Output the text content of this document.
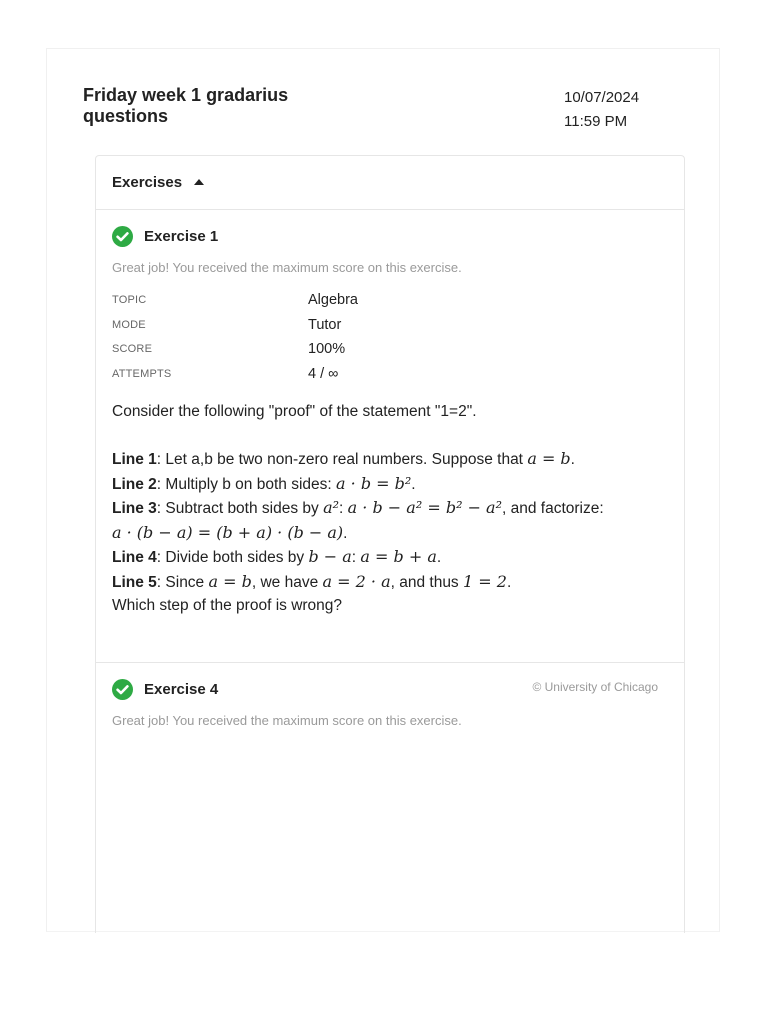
Friday week 1 gradarius questions
10/07/2024
11:59 PM
Exercises
Exercise 1
Great job! You received the maximum score on this exercise.
TOPIC	Algebra
MODE	Tutor
SCORE	100%
ATTEMPTS	4 / ∞

Consider the following "proof" of the statement "1=2".

Line 1: Let a,b be two non-zero real numbers. Suppose that a = b.

Line 2: Multiply b on both sides: a · b = b².

Line 3: Subtract both sides by a²: a · b − a² = b² − a², and factorize:
a · (b − a) = (b + a) · (b − a).

Line 4: Divide both sides by b − a: a = b + a.

Line 5: Since a = b, we have a = 2 · a, and thus 1 = 2.

Which step of the proof is wrong?

© University of Chicago
Exercise 4
Great job! You received the maximum score on this exercise.
